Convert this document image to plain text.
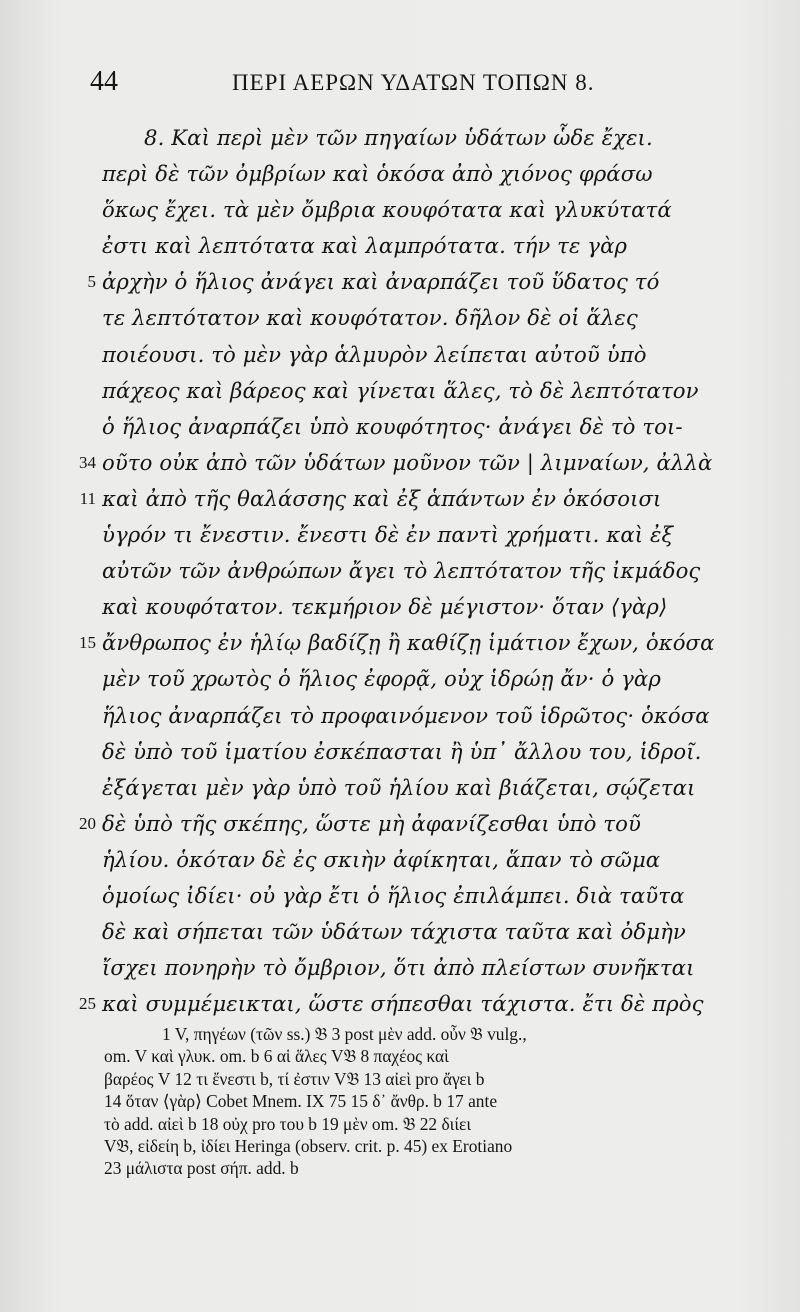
44	ΠΕΡΙ ΑΕΡΩΝ ΥΔΑΤΩΝ ΤΟΠΩΝ 8.
8. Καὶ περὶ μὲν τῶν πηγαίων ὑδάτων ὧδε ἔχει.
περὶ δὲ τῶν ὀμβρίων καὶ ὁκόσα ἀπὸ χιόνος φράσω
ὅκως ἔχει. τὰ μὲν ὄμβρια κουφότατα καὶ γλυκύτατά
ἐστι καὶ λεπτότατα καὶ λαμπρότατα. τήν τε γὰρ
5 ἀρχὴν ὁ ἥλιος ἀνάγει καὶ ἀναρπάζει τοῦ ὕδατος τό
τε λεπτότατον καὶ κουφότατον. δῆλον δὲ οἱ ἅλες
ποιέουσι. τὸ μὲν γὰρ ἁλμυρὸν λείπεται αὐτοῦ ὑπὸ
πάχεος καὶ βάρεος καὶ γίνεται ἅλες, τὸ δὲ λεπτότατον
ὁ ἥλιος ἀναρπάζει ὑπὸ κουφότητος· ἀνάγει δὲ τὸ τοι-
34 οῦτο οὐκ ἀπὸ τῶν ὑδάτων μοῦνον τῶν | λιμναίων, ἀλλὰ
11 καὶ ἀπὸ τῆς θαλάσσης καὶ ἐξ ἁπάντων ἐν ὁκόσοισι
ὑγρόν τι ἔνεστιν. ἔνεστι δὲ ἐν παντὶ χρήματι. καὶ ἐξ
αὐτῶν τῶν ἀνθρώπων ἄγει τὸ λεπτότατον τῆς ἰκμάδος
καὶ κουφότατον. τεκμήριον δὲ μέγιστον· ὅταν ⟨γὰρ⟩
15 ἄνθρωπος ἐν ἡλίῳ βαδίζῃ ἢ καθίζῃ ἱμάτιον ἔχων, ὁκόσα
μὲν τοῦ χρωτὸς ὁ ἥλιος ἐφορᾷ, οὐχ ἱδρώῃ ἄν· ὁ γὰρ
ἥλιος ἀναρπάζει τὸ προφαινόμενον τοῦ ἱδρῶτος· ὁκόσα
δὲ ὑπὸ τοῦ ἱματίου ἐσκέπασται ἢ ὑπ᾽ ἄλλου του, ἱδροῖ.
ἐξάγεται μὲν γὰρ ὑπὸ τοῦ ἡλίου καὶ βιάζεται, σῴζεται
20 δὲ ὑπὸ τῆς σκέπης, ὥστε μὴ ἀφανίζεσθαι ὑπὸ τοῦ
ἡλίου. ὁκόταν δὲ ἐς σκιὴν ἀφίκηται, ἅπαν τὸ σῶμα
ὁμοίως ἰδίει· οὐ γὰρ ἔτι ὁ ἥλιος ἐπιλάμπει. διὰ ταῦτα
δὲ καὶ σήπεται τῶν ὑδάτων τάχιστα ταῦτα καὶ ὀδμὴν
ἴσχει πονηρὴν τὸ ὄμβριον, ὅτι ἀπὸ πλείστων συνῆκται
25 καὶ συμμέμεικται, ὥστε σήπεσθαι τάχιστα. ἔτι δὲ πρὸς
1 V, πηγέων (τῶν ss.) 𝔅 3 post μὲν add. οὖν 𝔅 vulg.,
om. V καὶ γλυκ. om. b 6 αἱ ἅλες V𝔅 8 παχέος καὶ
βαρέος V 12 τι ἔνεστι b, τί ἐστιν V𝔅 13 αἰεὶ pro ἄγει b
14 ὅταν ⟨γὰρ⟩ Cobet Mnem. IX 75 15 δ᾽ ἄνθρ. b 17 ante
τὸ add. αἰεὶ b 18 οὐχ pro του b 19 μὲν om. 𝔅 22 διίει
V𝔅, εἰδείη b, ἰδίει Heringa (observ. crit. p. 45) ex Erotiano
23 μάλιστα post σήπ. add. b
